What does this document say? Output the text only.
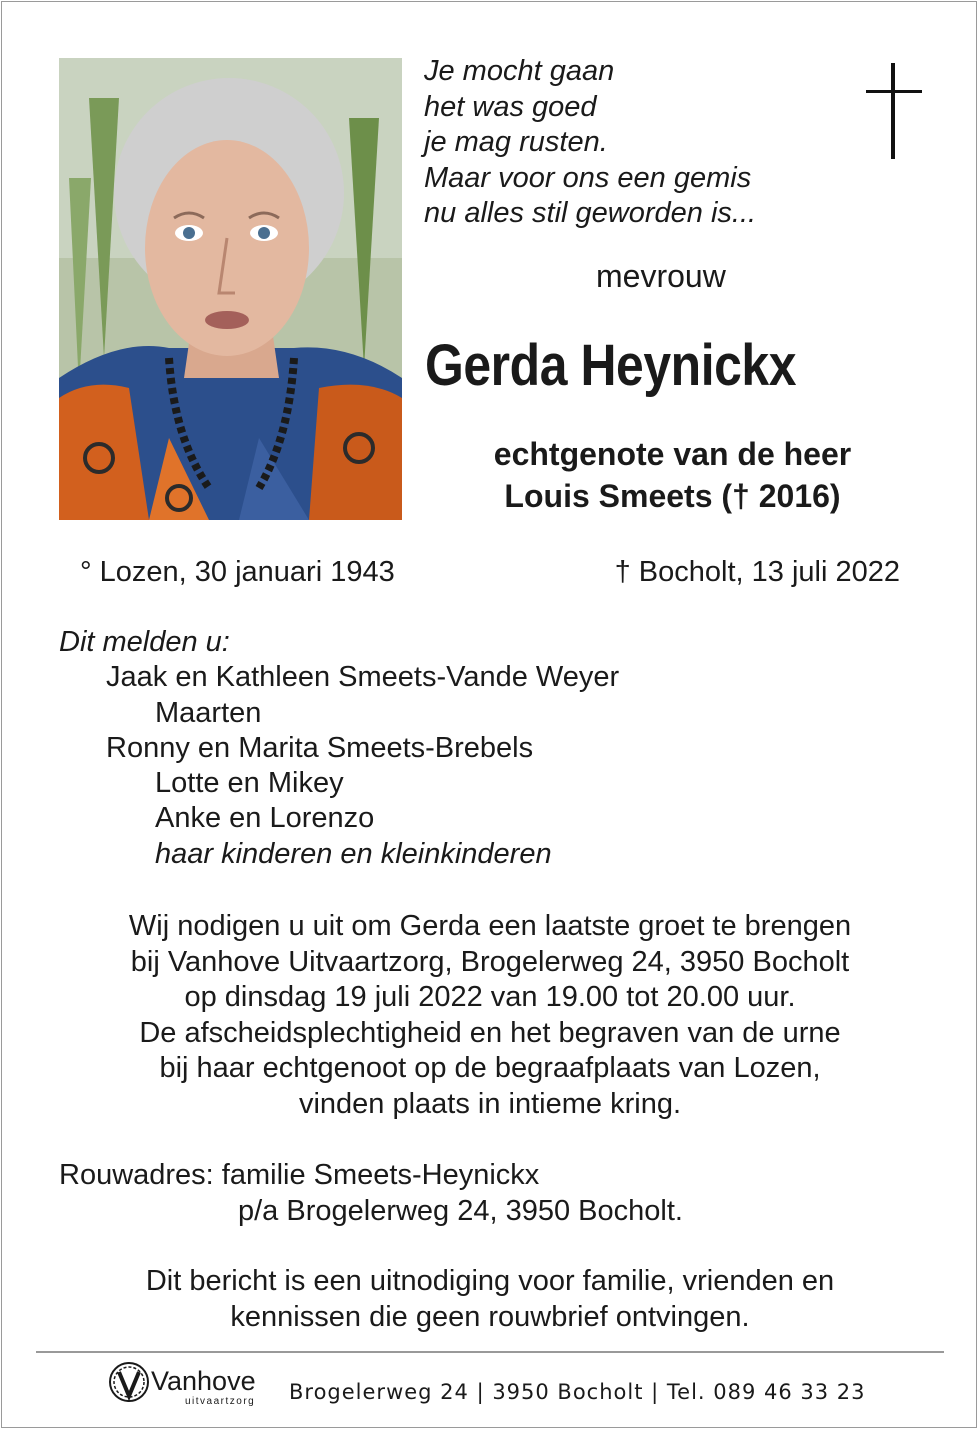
Je mocht gaan
het was goed
je mag rusten.
Maar voor ons een gemis
nu alles stil geworden is...
mevrouw
Gerda Heynickx
echtgenote van de heer
Louis Smeets († 2016)
° Lozen, 30 januari 1943	† Bocholt, 13 juli 2022
Dit melden u:
Jaak en Kathleen Smeets-Vande Weyer
Maarten
Ronny en Marita Smeets-Brebels
Lotte en Mikey
Anke en Lorenzo
haar kinderen en kleinkinderen
Wij nodigen u uit om Gerda een laatste groet te brengen
bij Vanhove Uitvaartzorg, Brogelerweg 24, 3950 Bocholt
op dinsdag 19 juli 2022 van 19.00 tot 20.00 uur.
De afscheidsplechtigheid en het begraven van de urne
bij haar echtgenoot op de begraafplaats van Lozen,
vinden plaats in intieme kring.
Rouwadres: familie Smeets-Heynickx
p/a Brogelerweg 24, 3950 Bocholt.
Dit bericht is een uitnodiging voor familie, vrienden en
kennissen die geen rouwbrief ontvingen.
Vanhove
uitvaartzorg Brogelerweg 24 | 3950 Bocholt | Tel. 089 46 33 23
